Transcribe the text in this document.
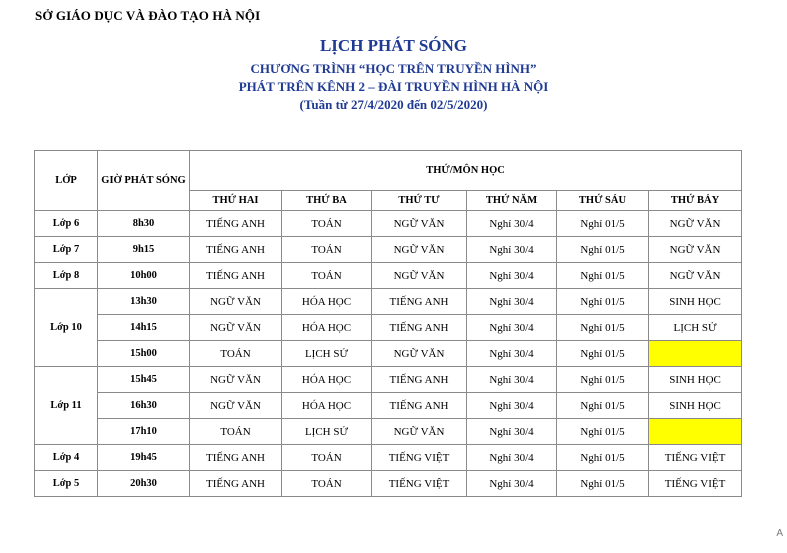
SỞ GIÁO DỤC VÀ ĐÀO TẠO HÀ NỘI
LỊCH PHÁT SÓNG
CHƯƠNG TRÌNH “HỌC TRÊN TRUYỀN HÌNH”
PHÁT TRÊN KÊNH 2 – ĐÀI TRUYỀN HÌNH HÀ NỘI
(Tuần từ 27/4/2020 đến 02/5/2020)
LỚP	GIỜ PHÁT SÓNG	THỨ/MÔN HỌC					
		THỨ HAI	THỨ BA	THỨ TƯ	THỨ NĂM	THỨ SÁU	THỨ BẢY
Lớp 6	8h30	TIẾNG ANH	TOÁN	NGỮ VĂN	Nghỉ 30/4	Nghỉ 01/5	NGỮ VĂN
Lớp 7	9h15	TIẾNG ANH	TOÁN	NGỮ VĂN	Nghỉ 30/4	Nghỉ 01/5	NGỮ VĂN
Lớp 8	10h00	TIẾNG ANH	TOÁN	NGỮ VĂN	Nghỉ 30/4	Nghỉ 01/5	NGỮ VĂN
Lớp 10	13h30	NGỮ VĂN	HÓA HỌC	TIẾNG ANH	Nghỉ 30/4	Nghỉ 01/5	SINH HỌC
	14h15	NGỮ VĂN	HÓA HỌC	TIẾNG ANH	Nghỉ 30/4	Nghỉ 01/5	LỊCH SỬ
	15h00	TOÁN	LỊCH SỬ	NGỮ VĂN	Nghỉ 30/4	Nghỉ 01/5	
Lớp 11	15h45	NGỮ VĂN	HÓA HỌC	TIẾNG ANH	Nghỉ 30/4	Nghỉ 01/5	SINH HỌC
	16h30	NGỮ VĂN	HÓA HỌC	TIẾNG ANH	Nghỉ 30/4	Nghỉ 01/5	SINH HỌC
	17h10	TOÁN	LỊCH SỬ	NGỮ VĂN	Nghỉ 30/4	Nghỉ 01/5	
Lớp 4	19h45	TIẾNG ANH	TOÁN	TIẾNG VIỆT	Nghỉ 30/4	Nghỉ 01/5	TIẾNG VIỆT
Lớp 5	20h30	TIẾNG ANH	TOÁN	TIẾNG VIỆT	Nghỉ 30/4	Nghỉ 01/5	TIẾNG VIỆT
A
